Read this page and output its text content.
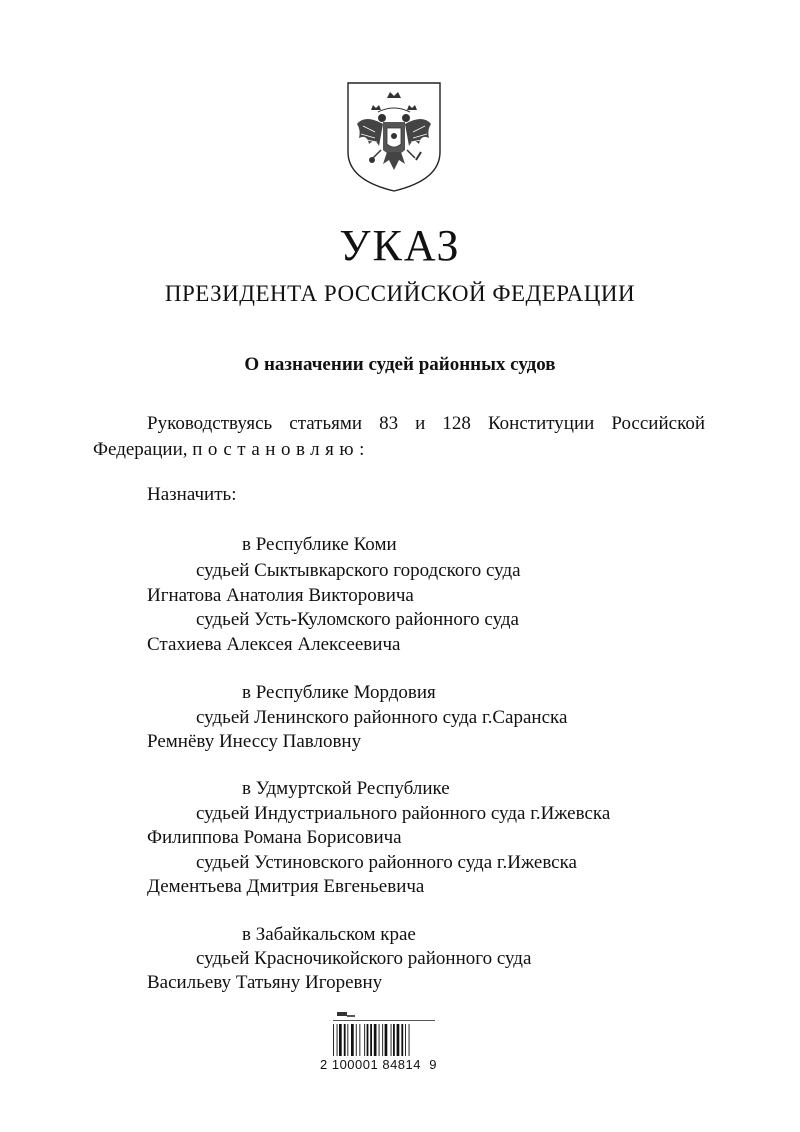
УКАЗ
ПРЕЗИДЕНТА РОССИЙСКОЙ ФЕДЕРАЦИИ
О назначении судей районных судов

Руководствуясь статьями 83 и 128 Конституции Российской
Федерации, постановляю:

Назначить:

в Республике Коми

судьей Сыктывкарского городского суда

Игнатова Анатолия Викторовича

судьей Усть-Куломского районного суда

Стахиева Алексея Алексеевича

в Республике Мордовия

судьей Ленинского районного суда г.Саранска

Ремнёву Инессу Павловну

в Удмуртской Республике

судьей Индустриального районного суда г.Ижевска

Филиппова Романа Борисовича

судьей Устиновского районного суда г.Ижевска

Дементьева Дмитрия Евгеньевича

в Забайкальском крае

судьей Красночикойского районного суда

Васильеву Татьяну Игоревну

2 100001 84814  9
